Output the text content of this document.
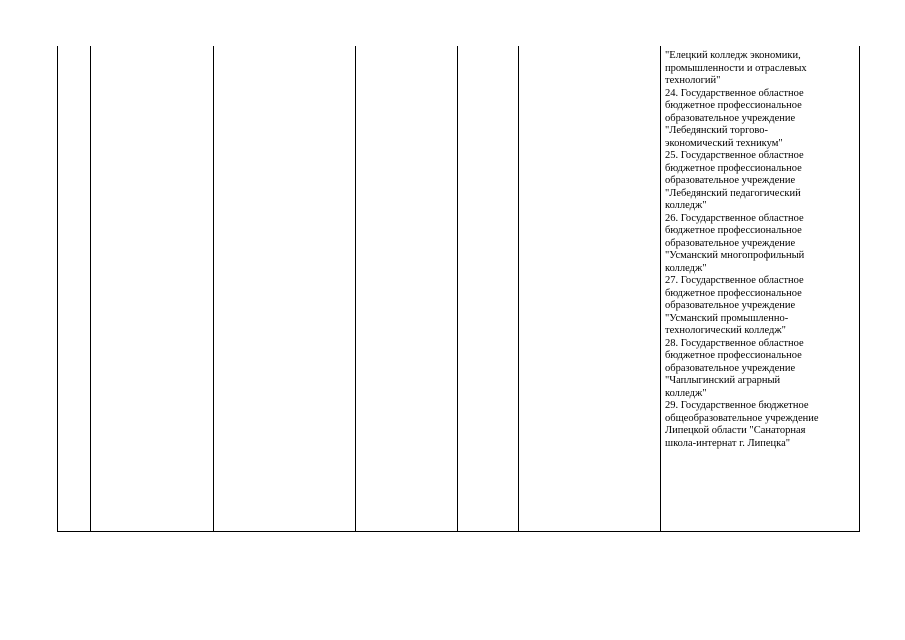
"Елецкий колледж экономики,
промышленности и отраслевых
технологий"
24. Государственное областное
бюджетное профессиональное
образовательное учреждение
"Лебедянский торгово-
экономический техникум"
25. Государственное областное
бюджетное профессиональное
образовательное учреждение
"Лебедянский педагогический
колледж"
26. Государственное областное
бюджетное профессиональное
образовательное учреждение
"Усманский многопрофильный
колледж"
27. Государственное областное
бюджетное профессиональное
образовательное учреждение
"Усманский промышленно-
технологический колледж"
28. Государственное областное
бюджетное профессиональное
образовательное учреждение
"Чаплыгинский аграрный
колледж"
29. Государственное бюджетное
общеобразовательное учреждение
Липецкой области "Санаторная
школа-интернат г. Липецка"
